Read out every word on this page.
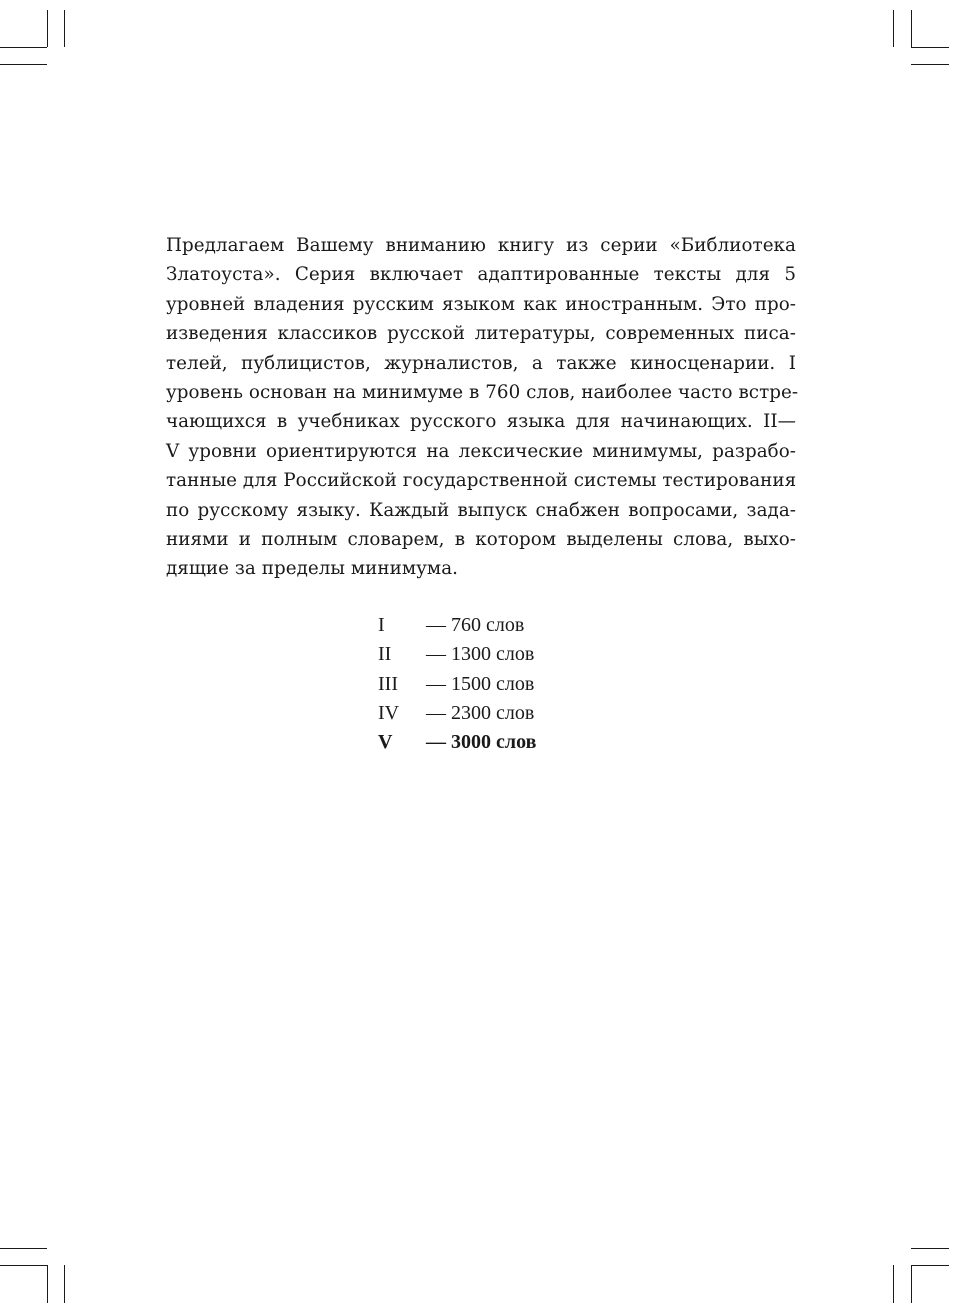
Предлагаем Вашему вниманию книгу из серии «Библиотека
Златоуста». Серия включает адаптированные тексты для 5
уровней владения русским языком как иностранным. Это про-
изведения классиков русской литературы, современных писа-
телей, публицистов, журналистов, а также киносценарии. I
уровень основан на минимуме в 760 слов, наиболее часто встре-
чающихся в учебниках русского языка для начинающих. II—
V уровни ориентируются на лексические минимумы, разрабо-
танные для Российской государственной системы тестирования
по русскому языку. Каждый выпуск снабжен вопросами, зада-
ниями и полным словарем, в котором выделены слова, выхо-
дящие за пределы минимума.
I	— 760 слов
II	— 1300 слов
III	— 1500 слов
IV	— 2300 слов
V	— 3000 слов
